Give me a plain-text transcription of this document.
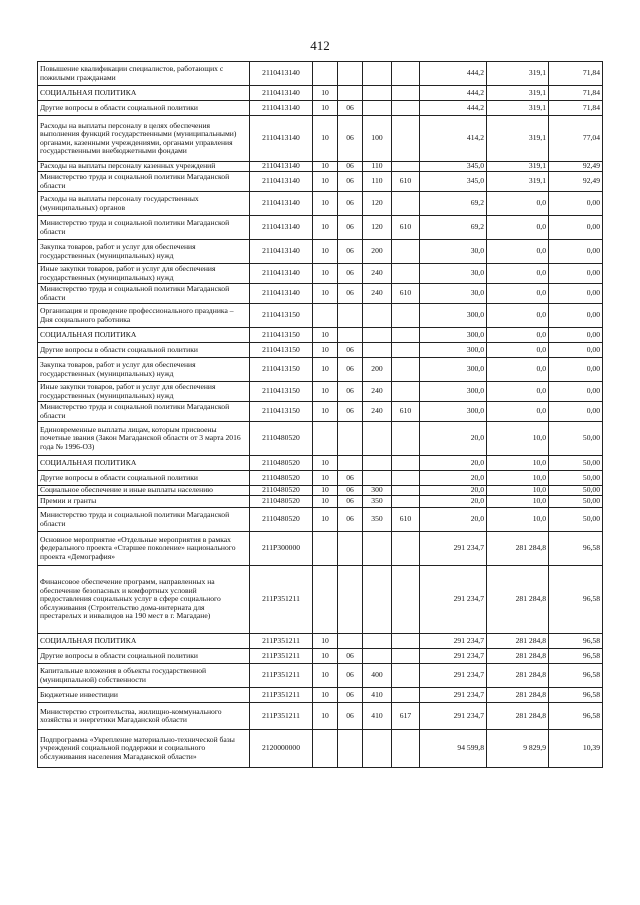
412
Повышение квалификации специалистов, работающих с пожилыми гражданами	2110413140					444,2	319,1	71,84
СОЦИАЛЬНАЯ ПОЛИТИКА	2110413140	10				444,2	319,1	71,84
Другие вопросы в области социальной политики	2110413140	10	06			444,2	319,1	71,84
Расходы на выплаты персоналу в целях обеспечения выполнения функций государственными (муниципальными) органами, казенными учреждениями, органами управления государственными внебюджетными фондами	2110413140	10	06	100		414,2	319,1	77,04
Расходы на выплаты персоналу казенных учреждений	2110413140	10	06	110		345,0	319,1	92,49
Министерство труда и социальной политики Магаданской области	2110413140	10	06	110	610	345,0	319,1	92,49
Расходы на выплаты персоналу государственных (муниципальных) органов	2110413140	10	06	120		69,2	0,0	0,00
Министерство труда и социальной политики Магаданской области	2110413140	10	06	120	610	69,2	0,0	0,00
Закупка товаров, работ и услуг для обеспечения государственных (муниципальных) нужд	2110413140	10	06	200		30,0	0,0	0,00
Иные закупки товаров, работ и услуг для обеспечения государственных (муниципальных) нужд	2110413140	10	06	240		30,0	0,0	0,00
Министерство труда и социальной политики Магаданской области	2110413140	10	06	240	610	30,0	0,0	0,00
Организация и проведение профессионального праздника – Дня социального работника	2110413150					300,0	0,0	0,00
СОЦИАЛЬНАЯ ПОЛИТИКА	2110413150	10				300,0	0,0	0,00
Другие вопросы в области социальной политики	2110413150	10	06			300,0	0,0	0,00
Закупка товаров, работ и услуг для обеспечения государственных (муниципальных) нужд	2110413150	10	06	200		300,0	0,0	0,00
Иные закупки товаров, работ и услуг для обеспечения государственных (муниципальных) нужд	2110413150	10	06	240		300,0	0,0	0,00
Министерство труда и социальной политики Магаданской области	2110413150	10	06	240	610	300,0	0,0	0,00
Единовременные выплаты лицам, которым присвоены почетные звания (Закон Магаданской области от 3 марта 2016 года № 1996-ОЗ)	2110480520					20,0	10,0	50,00
СОЦИАЛЬНАЯ ПОЛИТИКА	2110480520	10				20,0	10,0	50,00
Другие вопросы в области социальной политики	2110480520	10	06			20,0	10,0	50,00
Социальное обеспечение и иные выплаты населению	2110480520	10	06	300		20,0	10,0	50,00
Премии и гранты	2110480520	10	06	350		20,0	10,0	50,00
Министерство труда и социальной политики Магаданской области	2110480520	10	06	350	610	20,0	10,0	50,00
Основное мероприятие «Отдельные мероприятия в рамках федерального проекта «Старшее поколение» национального проекта «Демография»	211P300000					291 234,7	281 284,8	96,58
Финансовое обеспечение программ, направленных на обеспечение безопасных и комфортных условий предоставления социальных услуг в сфере социального обслуживания (Строительство дома-интерната для престарелых и инвалидов на 190 мест в г. Магадане)	211P351211					291 234,7	281 284,8	96,58
СОЦИАЛЬНАЯ ПОЛИТИКА	211P351211	10				291 234,7	281 284,8	96,58
Другие вопросы в области социальной политики	211P351211	10	06			291 234,7	281 284,8	96,58
Капитальные вложения в объекты государственной (муниципальной) собственности	211P351211	10	06	400		291 234,7	281 284,8	96,58
Бюджетные инвестиции	211P351211	10	06	410		291 234,7	281 284,8	96,58
Министерство строительства, жилищно-коммунального хозяйства и энергетики Магаданской области	211P351211	10	06	410	617	291 234,7	281 284,8	96,58
Подпрограмма «Укрепление материально-технической базы учреждений социальной поддержки и социального обслуживания населения Магаданской области»	2120000000					94 599,8	9 829,9	10,39
